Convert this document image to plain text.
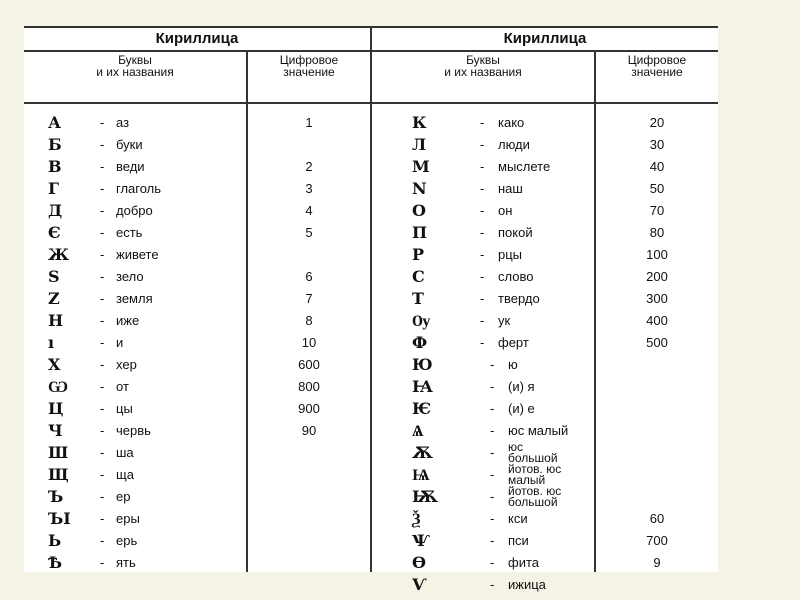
Кириллица
Буквы
и их названия
Цифровое
значение
А	- аз	1
Б	- буки
В	- веди	2
Г	- глаголь	3
Д	- добро	4
Є	- есть	5
Ж	- живете
Ѕ	- зело	6
Ζ	- земля	7
Н	- иже	8
ı	- и	10
Х	- хер	600
Ѡ	- от	800
Ц	- цы	900
Ч	- червь	90
Ш	- ша
Щ	- ща
Ъ	- ер
ЪI	- еры
Ь	- ерь
Ѣ	- ять
Кириллица
Буквы
и их названия
Цифровое
значение
К	- како	20
Л	- люди	30
М	- мыслете	40
N	- наш	50
О	- он	70
П	- покой	80
Р	- рцы	100
С	- слово	200
Т	- твердо	300
Ѹ	- ук	400
Ф	- ферт	500
Ю	- ю
Ꙗ	- (и) я
Ѥ	- (и) е
Ѧ	- юс малый
Ѫ	- юс
большой
Ѩ	- йотов. юс
малый
Ѭ	- йотов. юс
большой
Ѯ	- кси	60
Ѱ	- пси	700
Ѳ	- фита	9
Ѵ	- ижица
